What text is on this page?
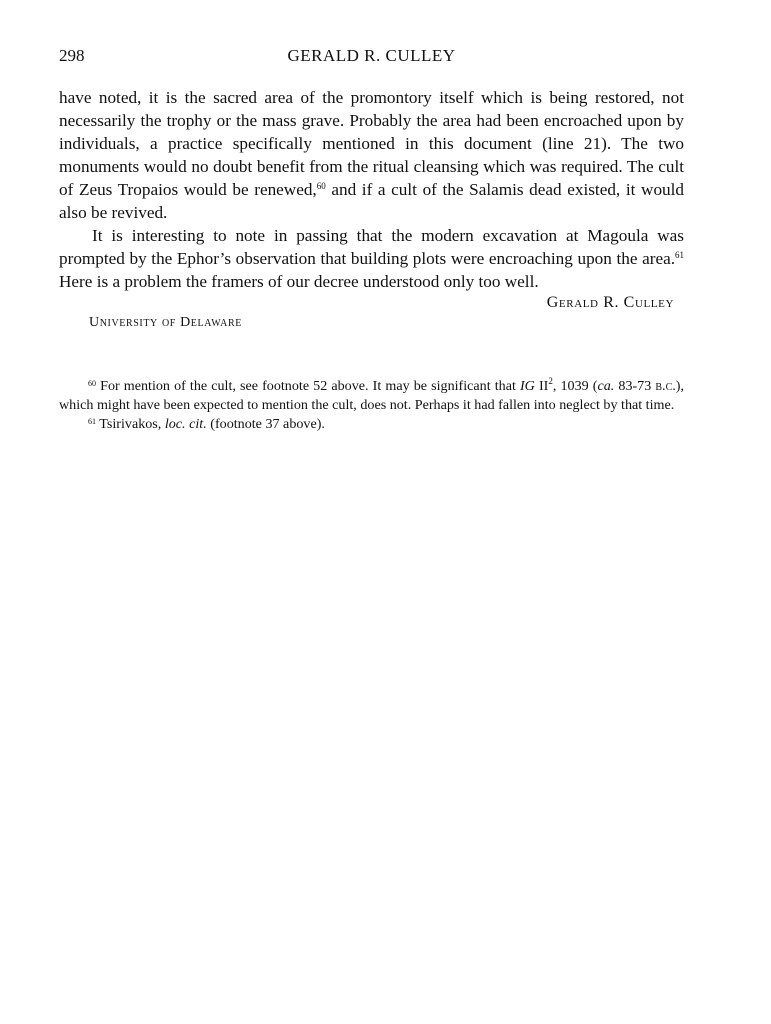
298	GERALD R. CULLEY

have noted, it is the sacred area of the promontory itself which is being restored, not necessarily the trophy or the mass grave. Probably the area had been encroached upon by individuals, a practice specifically mentioned in this document (line 21). The two monuments would no doubt benefit from the ritual cleansing which was required. The cult of Zeus Tropaios would be renewed,$^{60}$ and if a cult of the Salamis dead existed, it would also be revived.

It is interesting to note in passing that the modern excavation at Magoula was prompted by the Ephor’s observation that building plots were encroaching upon the area.$^{61}$ Here is a problem the framers of our decree understood only too well.

Gerald R. Culley
University of Delaware

$^{60}$ For mention of the cult, see footnote 52 above. It may be significant that IG $II^2$, 1039 (ca. 83-73 b.c.), which might have been expected to mention the cult, does not. Perhaps it had fallen into neglect by that time.

$^{61}$ Tsirivakos, loc. cit. (footnote 37 above).
